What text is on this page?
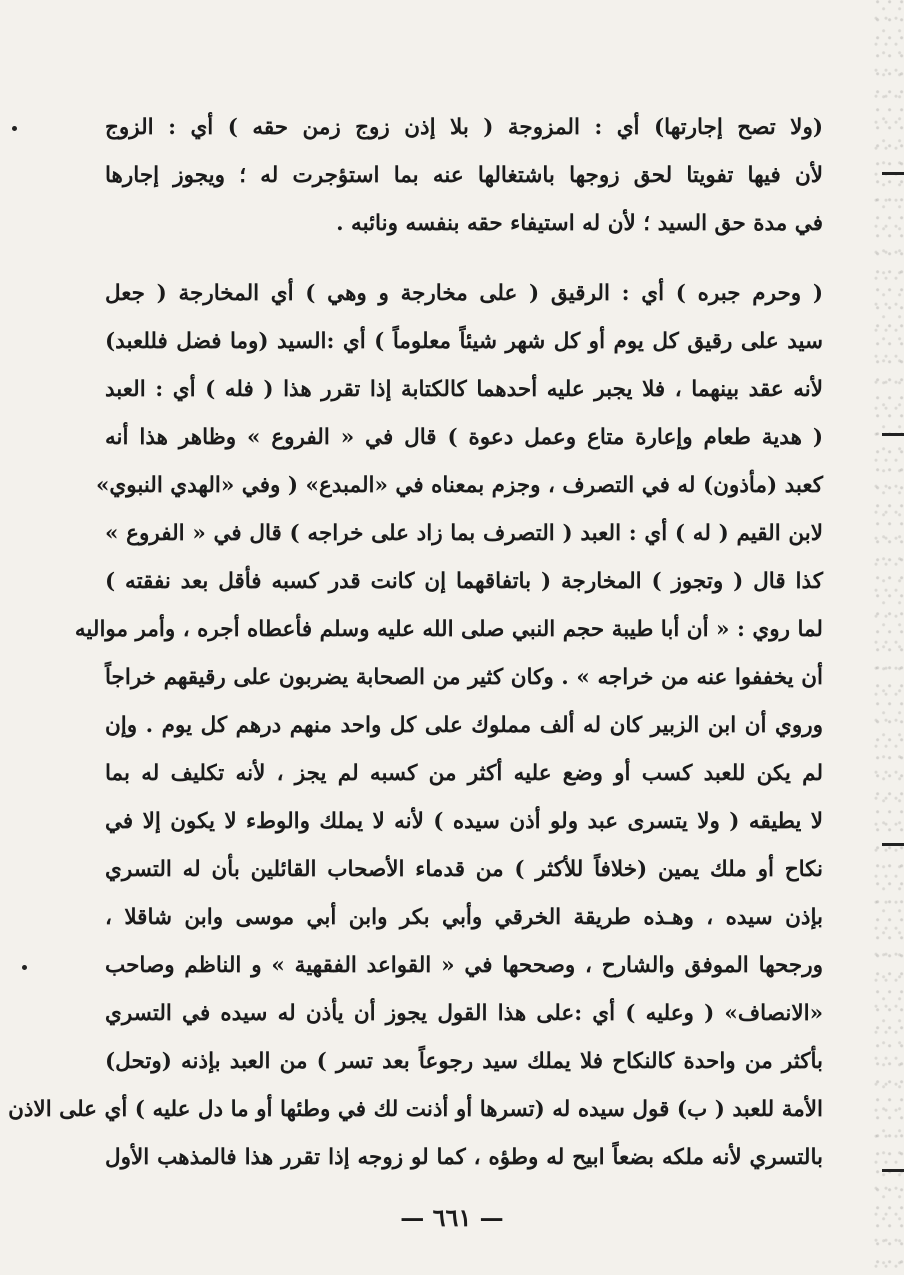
(ولا تصح إجارتها) أي : المزوجة ( بلا إذن زوج زمن حقه ) أي : الزوج
لأن فيها تفويتا لحق زوجها باشتغالها عنه بما استؤجرت له ؛ ويجوز إجارها
في مدة حق السيد ؛ لأن له استيفاء حقه بنفسه ونائبه .
( وحرم جبره ) أي : الرقيق ( على مخارجة و وهي ) أي المخارجة ( جعل
سيد على رقيق كل يوم أو كل شهر شيئاً معلوماً ) أي :السيد (وما فضل فللعبد)
لأنه عقد بينهما ، فلا يجبر عليه أحدهما كالكتابة إذا تقرر هذا ( فله ) أي : العبد
( هدية طعام وإعارة متاع وعمل دعوة ) قال في « الفروع » وظاهر هذا أنه
كعبد (مأذون) له في التصرف ، وجزم بمعناه في «المبدع» ( وفي «الهدي النبوي»
لابن القيم ( له ) أي : العبد ( التصرف بما زاد على خراجه ) قال في « الفروع »
كذا قال ( وتجوز ) المخارجة ( باتفاقهما إن كانت قدر كسبه فأقل بعد نفقته )
لما روي : « أن أبا طيبة حجم النبي صلى الله عليه وسلم فأعطاه أجره ، وأمر مواليه
أن يخففوا عنه من خراجه » . وكان كثير من الصحابة يضربون على رقيقهم خراجاً
وروي أن ابن الزبير كان له ألف مملوك على كل واحد منهم درهم كل يوم . وإن
لم يكن للعبد كسب أو وضع عليه أكثر من كسبه لم يجز ، لأنه تكليف له بما
لا يطيقه ( ولا يتسرى عبد ولو أذن سيده ) لأنه لا يملك والوطء لا يكون إلا في
نكاح أو ملك يمين (خلافاً للأكثر ) من قدماء الأصحاب القائلين بأن له التسري
بإذن سيده ، وهـذه طريقة الخرقي وأبي بكر وابن أبي موسى وابن شاقلا ،
ورجحها الموفق والشارح ، وصححها في « القواعد الفقهية » و الناظم وصاحب
«الانصاف» ( وعليه ) أي :على هذا القول يجوز أن يأذن له سيده في التسري
بأكثر من واحدة كالنكاح فلا يملك سيد رجوعاً بعد تسر ) من العبد بإذنه (وتحل)
الأمة للعبد ( ب) قول سيده له (تسرها أو أذنت لك في وطئها أو ما دل عليه ) أي على الاذن
بالتسري لأنه ملكه بضعاً ابيح له وطؤه ، كما لو زوجه إذا تقرر هذا فالمذهب الأول
— ٦٦١ —
